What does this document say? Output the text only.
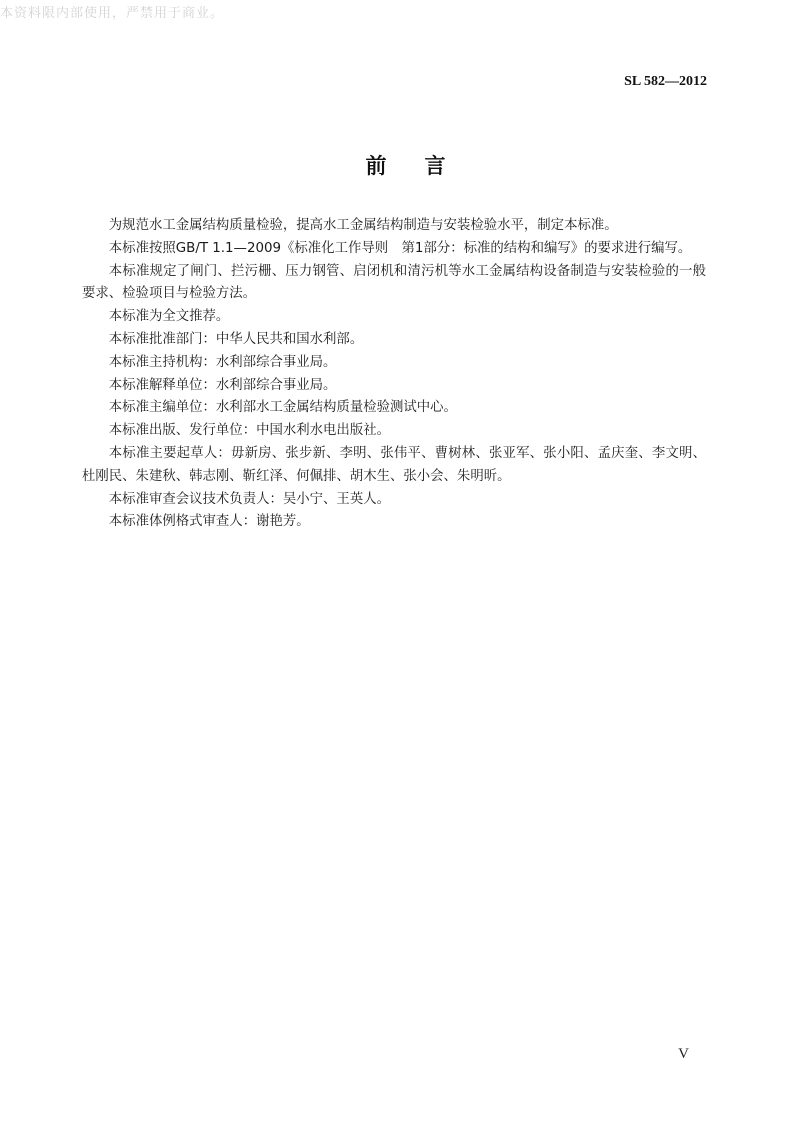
本资料限内部使用，严禁用于商业。
SL 582—2012
前言

为规范水工金属结构质量检验，提高水工金属结构制造与安装检验水平，制定本标准。

本标准按照GB/T 1.1—2009《标准化工作导则　第1部分：标准的结构和编写》的要求进行编写。

本标准规定了闸门、拦污栅、压力钢管、启闭机和清污机等水工金属结构设备制造与安装检验的一般要求、检验项目与检验方法。

本标准为全文推荐。

本标准批准部门：中华人民共和国水利部。

本标准主持机构：水利部综合事业局。

本标准解释单位：水利部综合事业局。

本标准主编单位：水利部水工金属结构质量检验测试中心。

本标准出版、发行单位：中国水利水电出版社。

本标准主要起草人：毋新房、张步新、李明、张伟平、曹树林、张亚军、张小阳、孟庆奎、李文明、杜刚民、朱建秋、韩志刚、靳红泽、何佩排、胡木生、张小会、朱明昕。

本标准审查会议技术负责人：吴小宁、王英人。

本标准体例格式审查人：谢艳芳。

V
